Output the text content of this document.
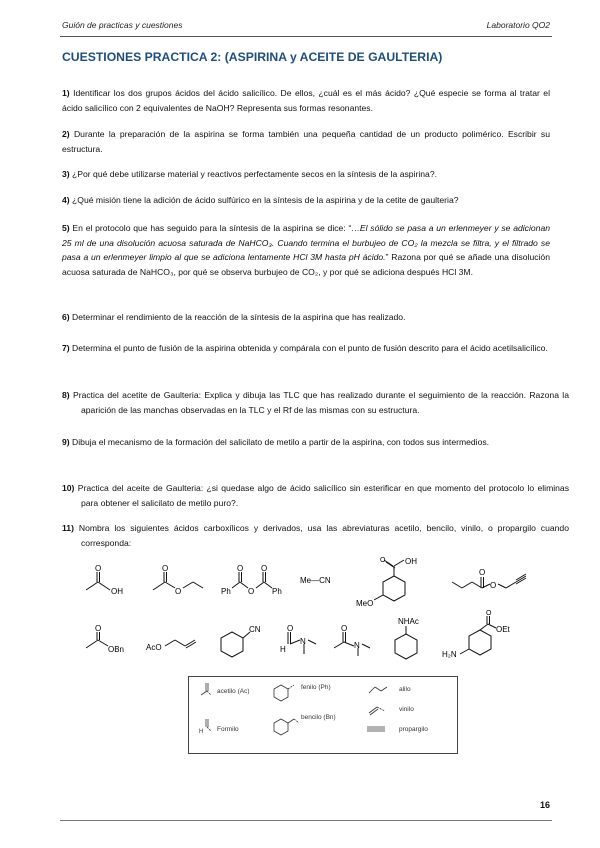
Guión de practicas y cuestiones	Laboratorio QO2
CUESTIONES PRACTICA 2: (ASPIRINA y ACEITE DE GAULTERIA)
1) Identificar los dos grupos ácidos del ácido salicílico. De ellos, ¿cuál es el más ácido? ¿Qué especie se forma al tratar el ácido salicílico con 2 equivalentes de NaOH? Representa sus formas resonantes.
2) Durante la preparación de la aspirina se forma también una pequeña cantidad de un producto polimérico. Escribir su estructura.
3) ¿Por qué debe utilizarse material y reactivos perfectamente secos en la síntesis de la aspirina?.
4) ¿Qué misión tiene la adición de ácido sulfúrico en la síntesis de la aspirina y de la cetite de gaulteria?
5) En el protocolo que has seguido para la síntesis de la aspirina se dice: “…El sólido se pasa a un erlenmeyer y se adicionan 25 ml de una disolución acuosa saturada de NaHCO₃. Cuando termina el burbujeo de CO₂ la mezcla se filtra, y el filtrado se pasa a un erlenmeyer limpio al que se adiciona lentamente HCl 3M hasta pH ácido.” Razona por qué se añade una disolución acuosa saturada de NaHCO₃, por qué se observa burbujeo de CO₂, y por qué se adiciona después HCl 3M.
6) Determinar el rendimiento de la reacción de la síntesis de la aspirina que has realizado.
7) Determina el punto de fusión de la aspirina obtenida y compárala con el punto de fusión descrito para el ácido acetilsalicílico.
8) Practica del acetite de Gaulteria: Explica y dibuja las TLC que has realizado durante el seguimiento de la reacción. Razona la aparición de las manchas observadas en la TLC y el Rf de las mismas con su estructura.
9) Dibuja el mecanismo de la formación del salicilato de metilo a partir de la aspirina, con todos sus intermedios.
10) Practica del aceite de Gaulteria: ¿si quedase algo de ácido salicílico sin esterificar en que momento del protocolo lo eliminas para obtener el salicilato de metilo puro?.
11) Nombra los siguientes ácidos carboxílicos y derivados, usa las abreviaturas acetilo, bencilo, vinilo, o propargilo cuando corresponda:
O
OH
O
O
O O
O
Ph	Ph
Me—CN
O OH
MeO
O
O
O
OBn	AcO
CN	O
H
N
O
N
NHAc
O
OEt
H₂N
H
acetilo (Ac)
Formilo
fenilo (Ph)
bencilo (Bn)
alilo
vinilo
propargilo
16
